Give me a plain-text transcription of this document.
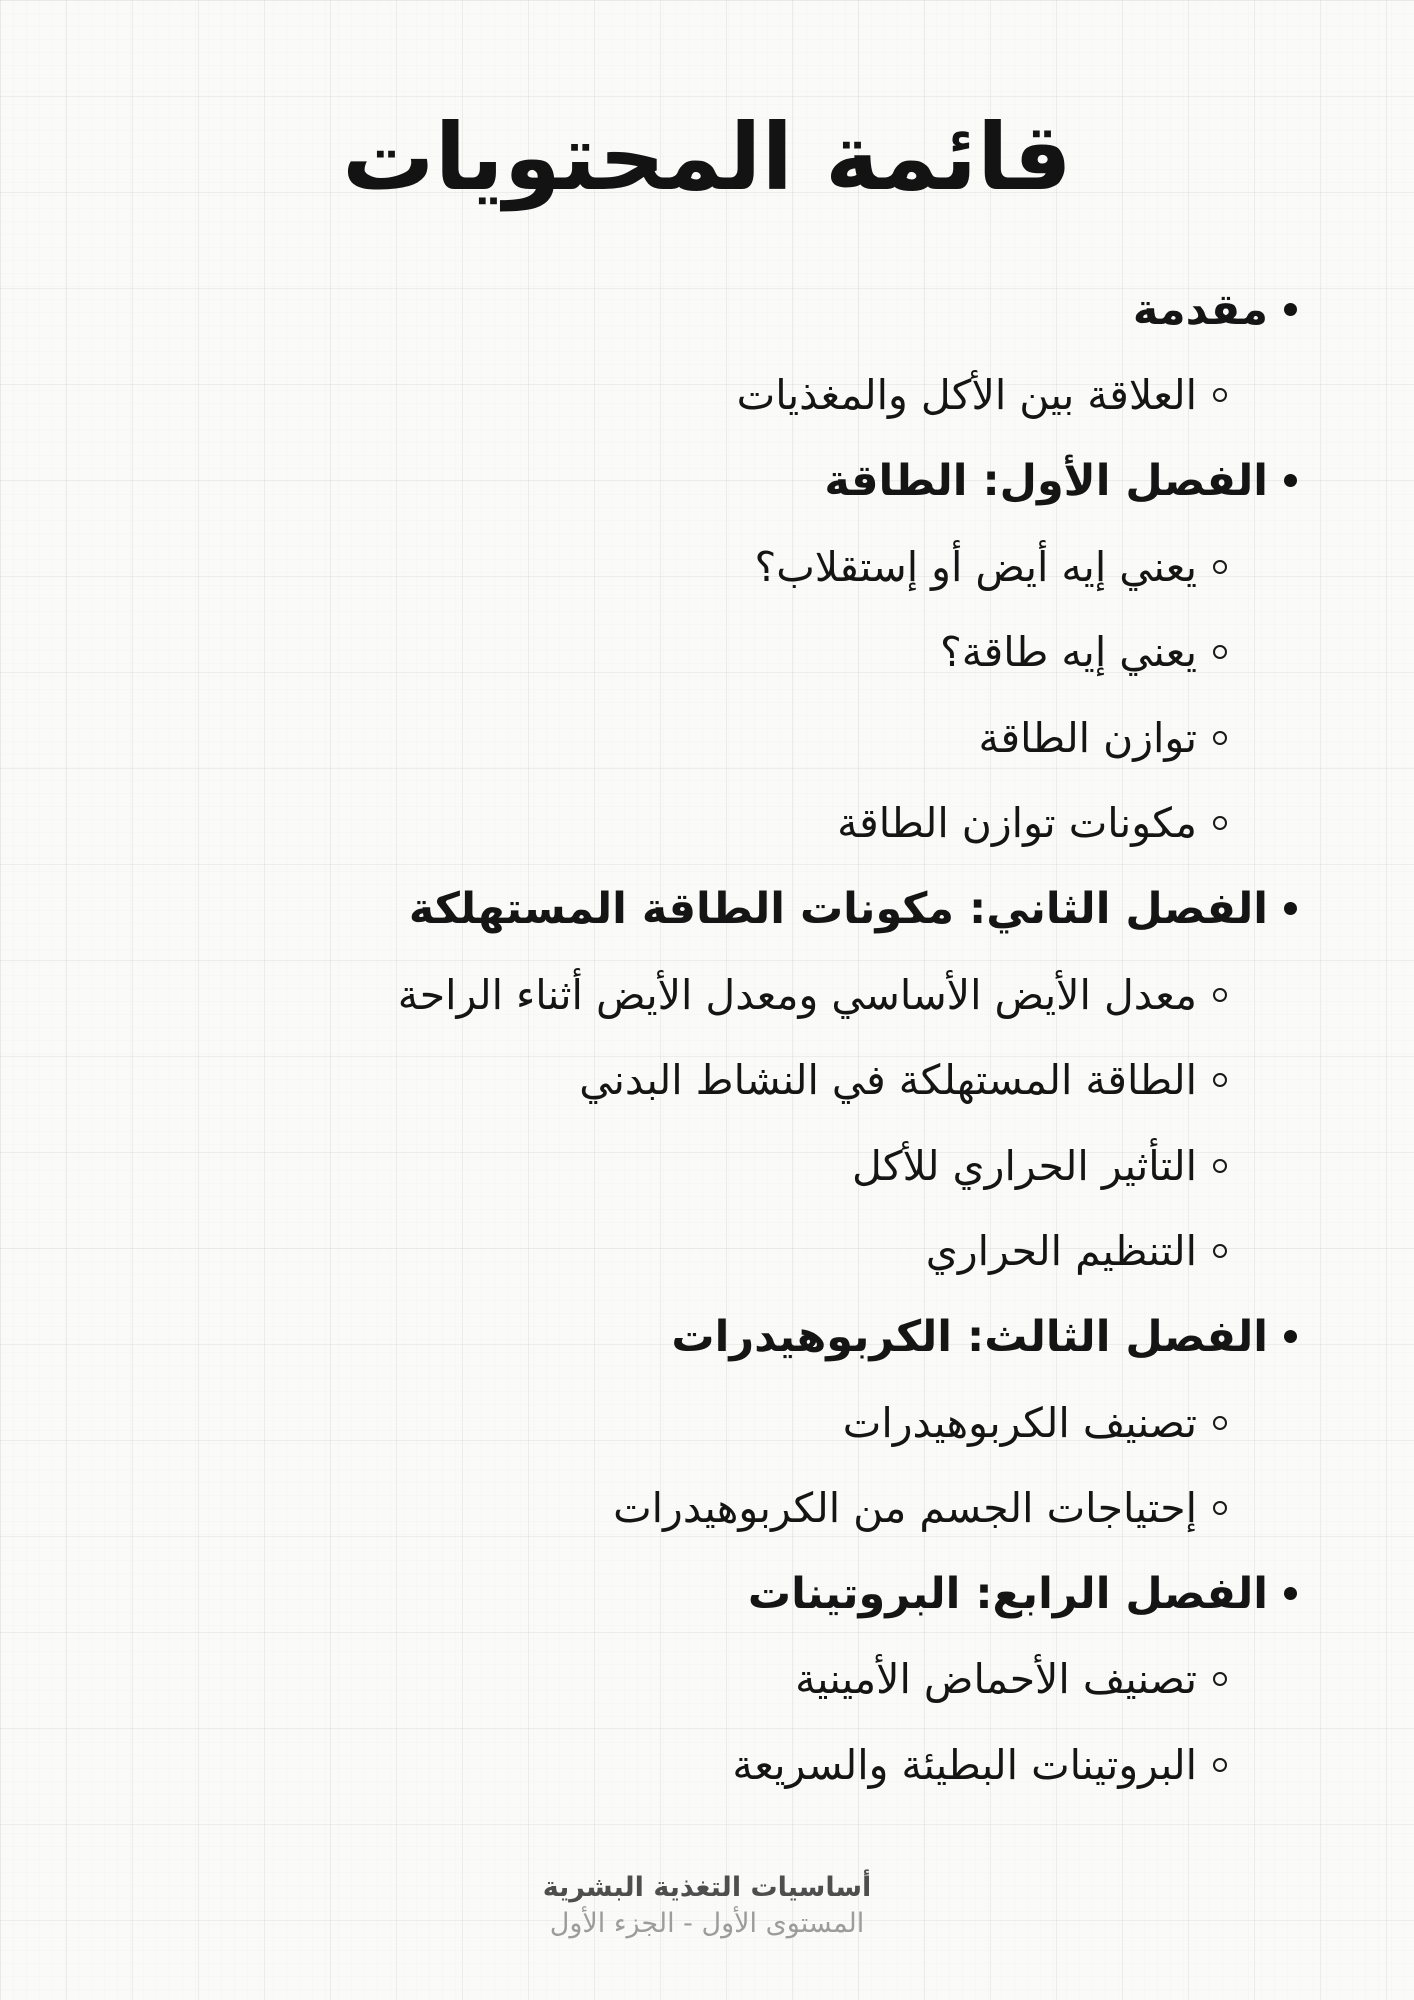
قائمة المحتويات
مقدمة
العلاقة بين الأكل والمغذيات
الفصل الأول: الطاقة
يعني إيه أيض أو إستقلاب؟
يعني إيه طاقة؟
توازن الطاقة
مكونات توازن الطاقة
الفصل الثاني: مكونات الطاقة المستهلكة
معدل الأيض الأساسي ومعدل الأيض أثناء الراحة
الطاقة المستهلكة في النشاط البدني
التأثير الحراري للأكل
التنظيم الحراري
الفصل الثالث: الكربوهيدرات
تصنيف الكربوهيدرات
إحتياجات الجسم من الكربوهيدرات
الفصل الرابع: البروتينات
تصنيف الأحماض الأمينية
البروتينات البطيئة والسريعة
أساسيات التغذية البشرية
المستوى الأول - الجزء الأول
